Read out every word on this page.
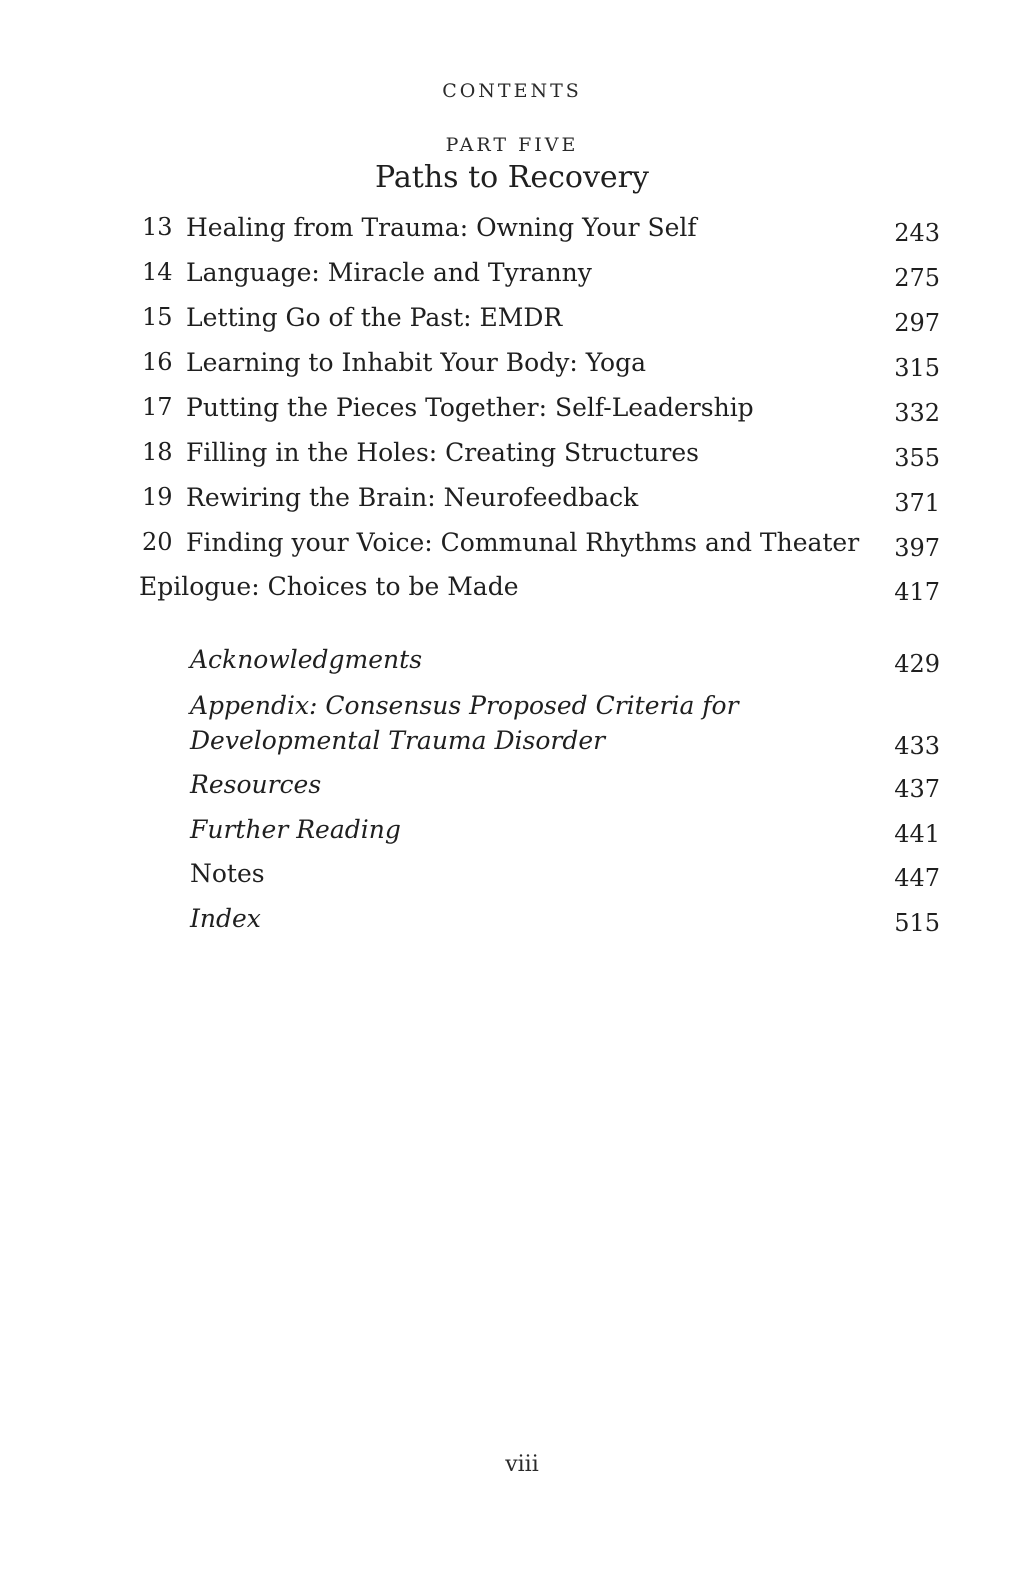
CONTENTS
PART FIVE
Paths to Recovery
13 Healing from Trauma: Owning Your Self	243
14 Language: Miracle and Tyranny	275
15 Letting Go of the Past: EMDR	297
16 Learning to Inhabit Your Body: Yoga	315
17 Putting the Pieces Together: Self-Leadership	332
18 Filling in the Holes: Creating Structures	355
19 Rewiring the Brain: Neurofeedback	371
20 Finding your Voice: Communal Rhythms and Theater 397
Epilogue: Choices to be Made	417
Acknowledgments	429
Appendix: Consensus Proposed Criteria for
Developmental Trauma Disorder	433
Resources	437
Further Reading	441
Notes	447
Index	515
viii
